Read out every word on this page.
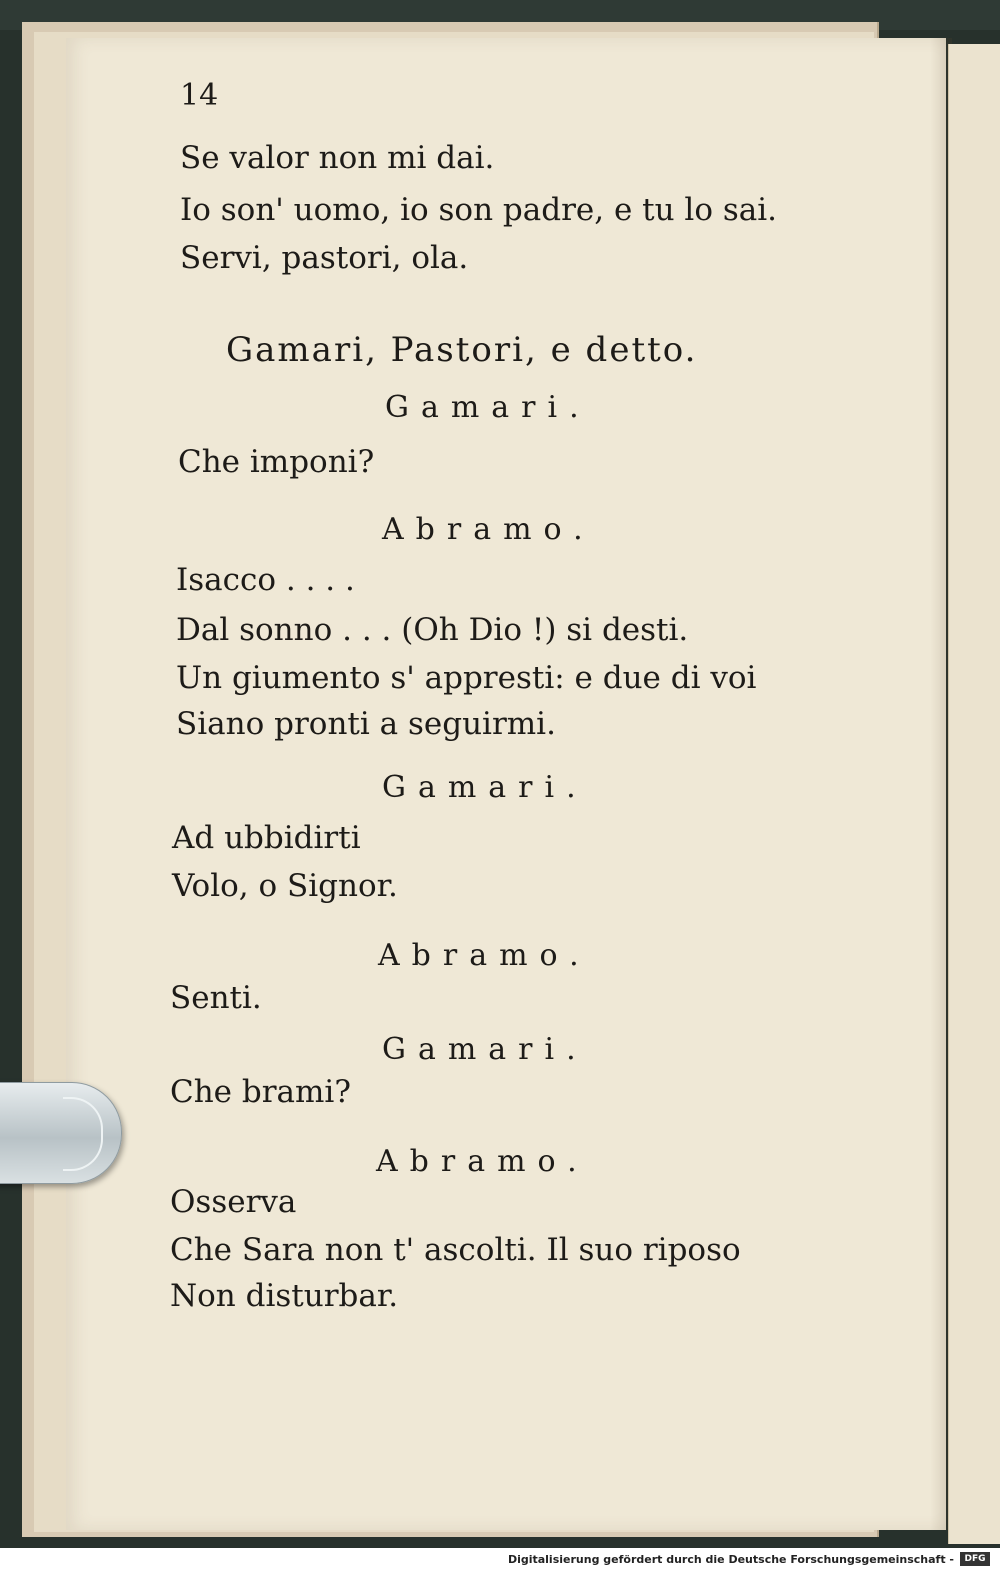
14
Se valor non mi dai.
Io son' uomo, io son padre, e tu lo sai.
Servi, pastori, ola.
Gamari, Pastori, e detto.
Gamari.
Che imponi?
Abramo.
Isacco . . . .
Dal sonno . . . (Oh Dio !) si desti.
Un giumento s' appresti: e due di voi
Siano pronti a seguirmi.
Gamari.
Ad ubbidirti
Volo, o Signor.
Abramo.
Senti.
Gamari.
Che brami?
Abramo.
Osserva
Che Sara non t' ascolti. Il suo riposo
Non disturbar.
Digitalisierung gefördert durch die Deutsche Forschungsgemeinschaft -	DFG
